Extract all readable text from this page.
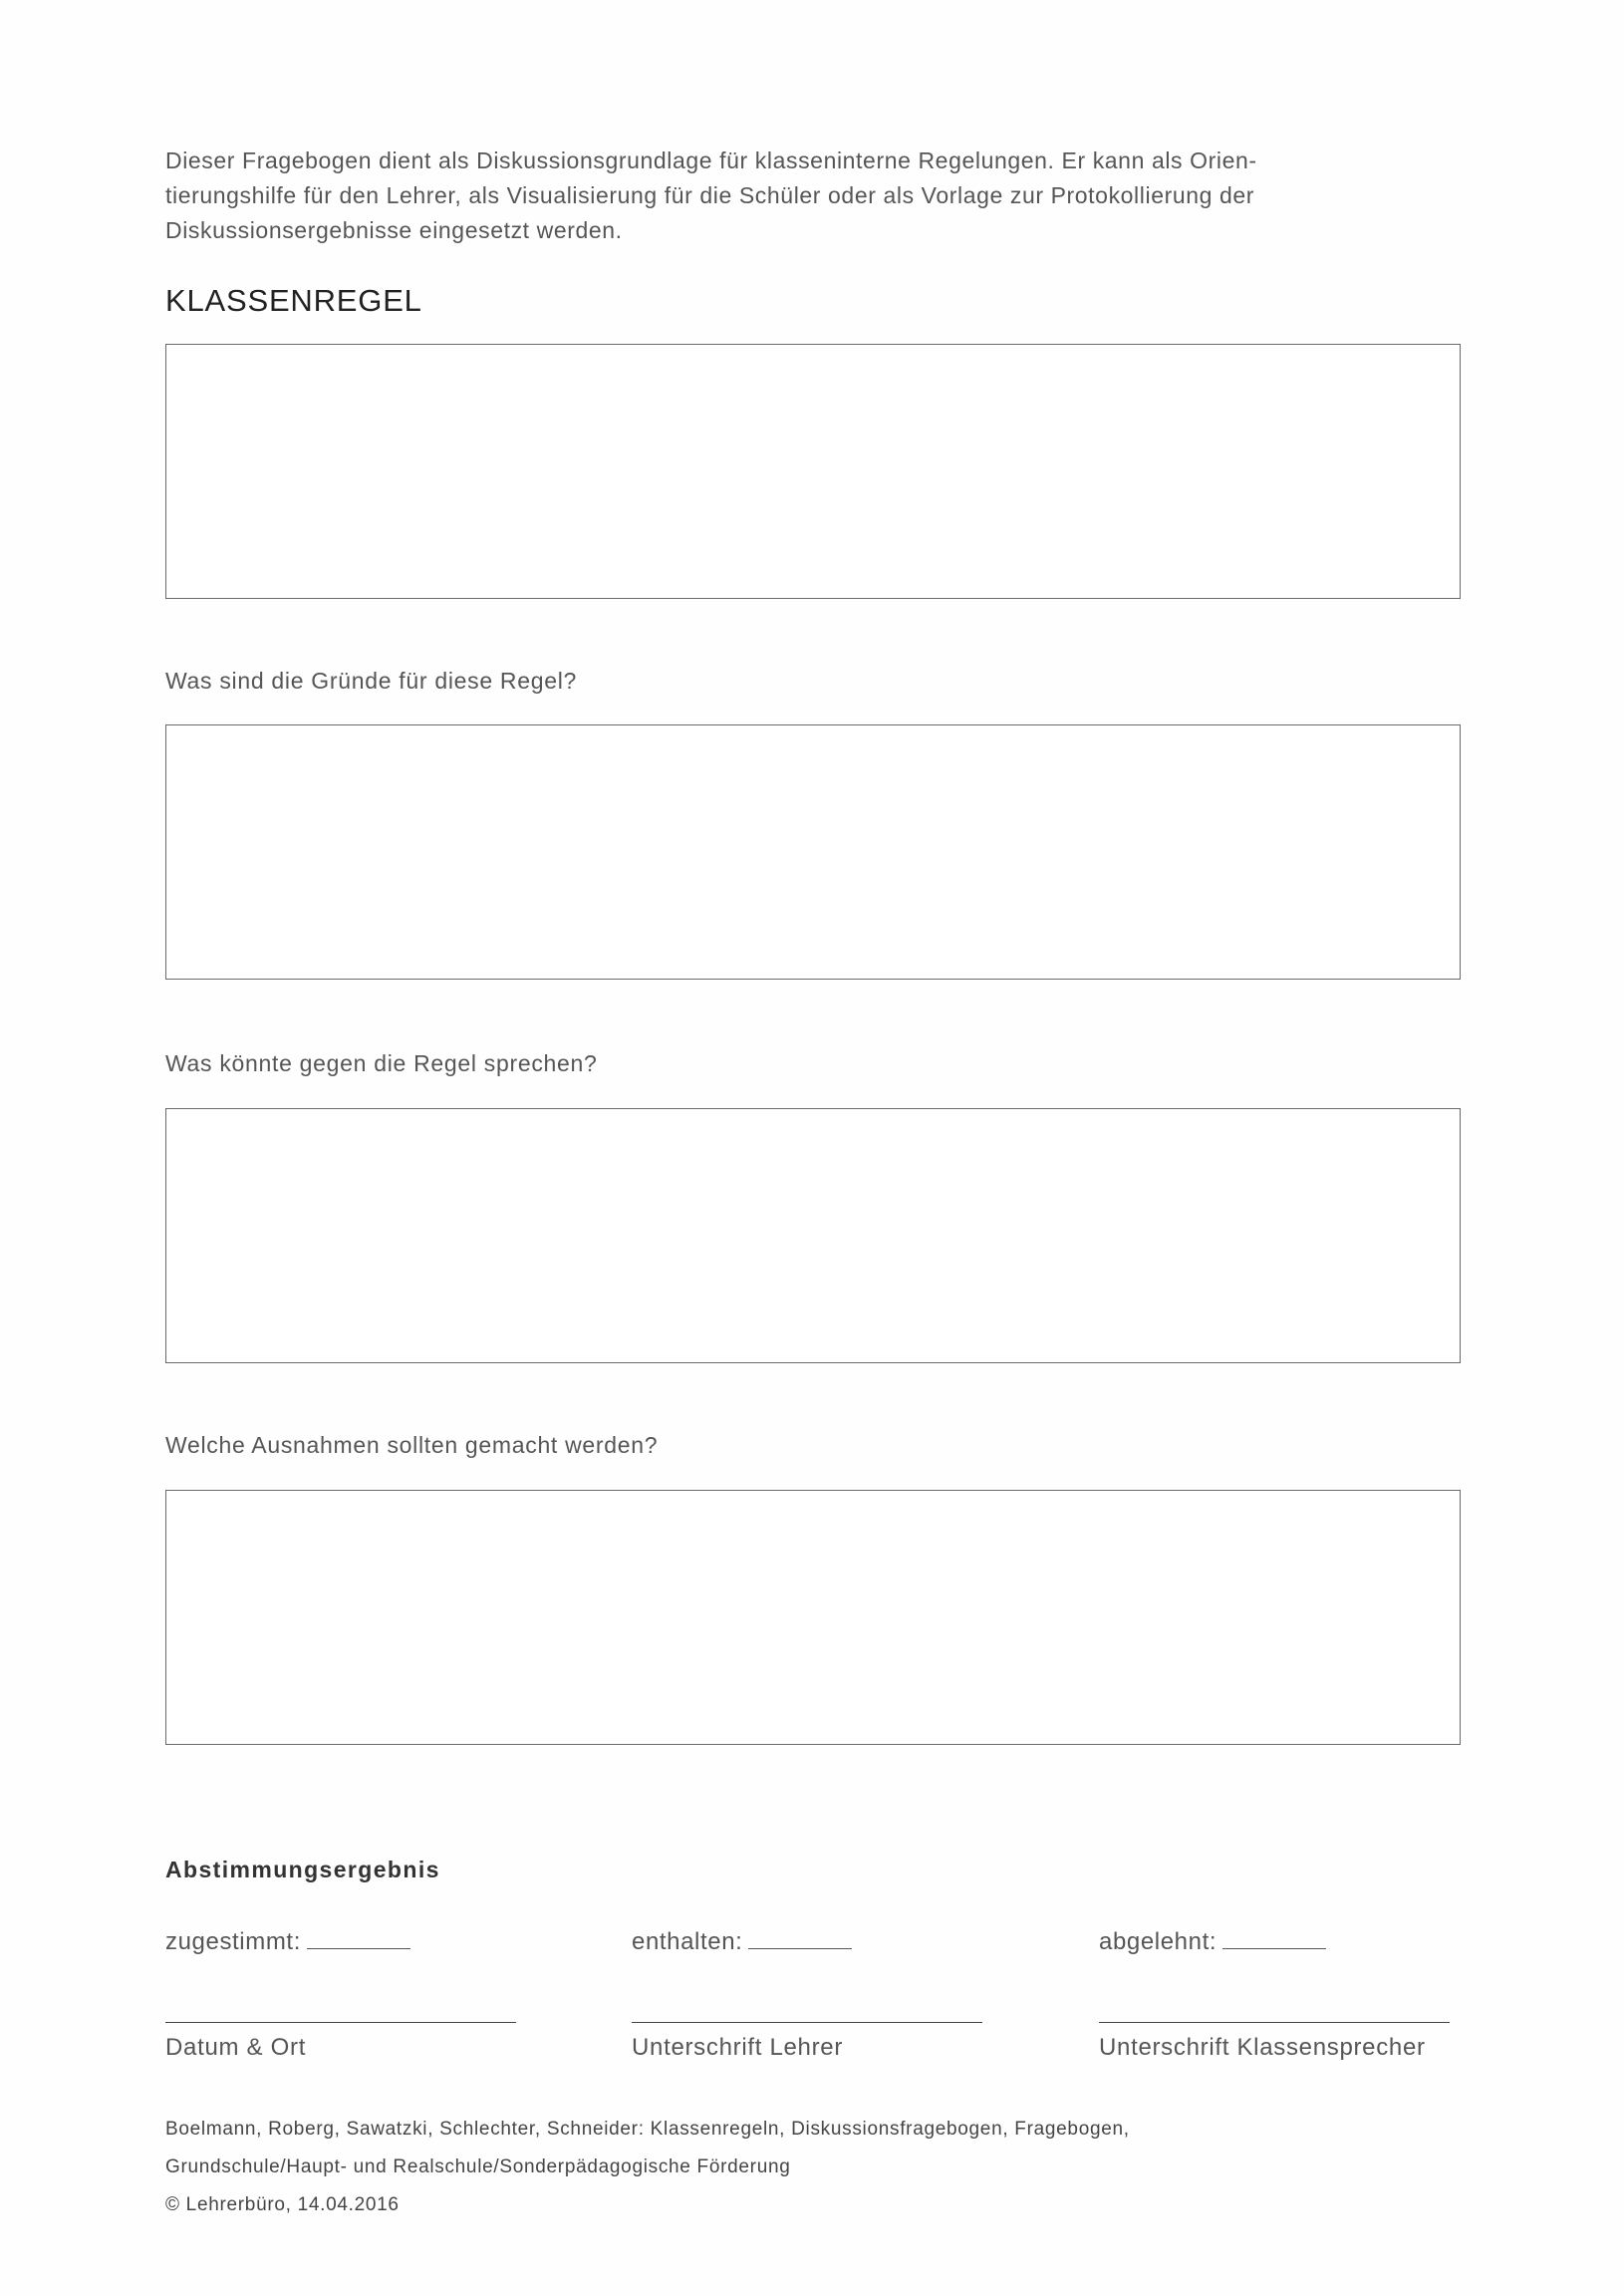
Dieser Fragebogen dient als Diskussionsgrundlage für klasseninterne Regelungen. Er kann als Orien-
tierungshilfe für den Lehrer, als Visualisierung für die Schüler oder als Vorlage zur Protokollierung der
Diskussionsergebnisse eingesetzt werden.
KLASSENREGEL
Was sind die Gründe für diese Regel?
Was könnte gegen die Regel sprechen?
Welche Ausnahmen sollten gemacht werden?
Abstimmungsergebnis
zugestimmt:	enthalten:	abgelehnt:
Datum & Ort	Unterschrift Lehrer	Unterschrift Klassensprecher
Boelmann, Roberg, Sawatzki, Schlechter, Schneider: Klassenregeln, Diskussionsfragebogen, Fragebogen,
Grundschule/Haupt- und Realschule/Sonderpädagogische Förderung
© Lehrerbüro, 14.04.2016
